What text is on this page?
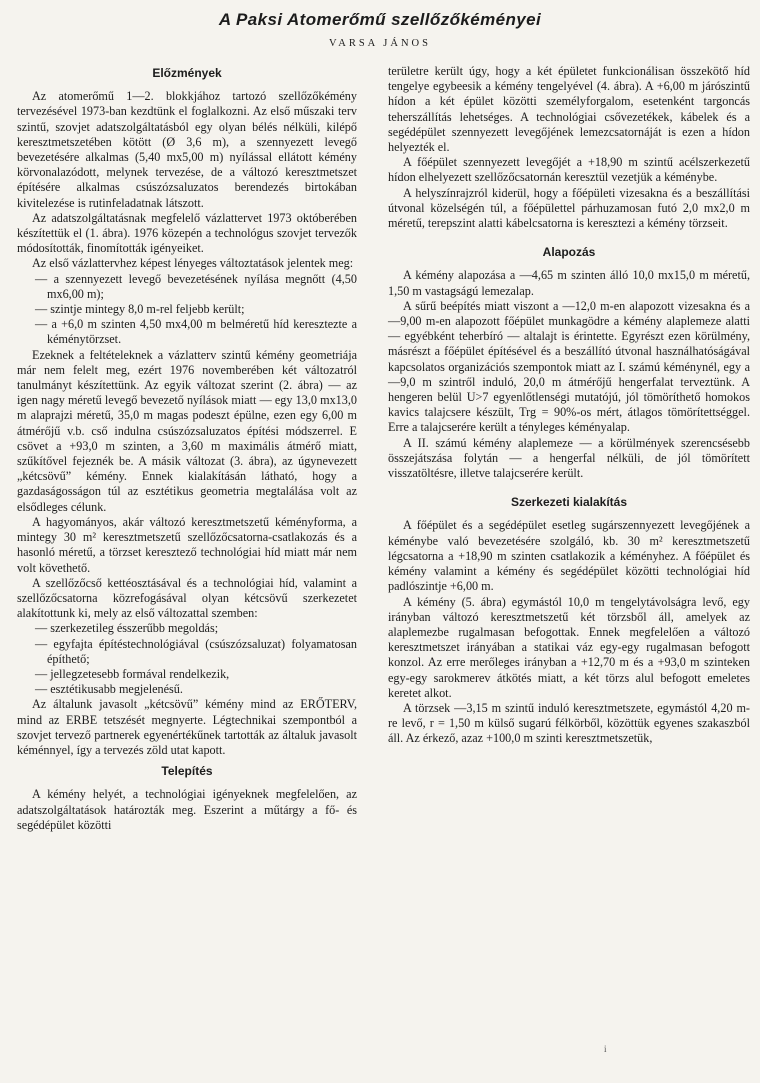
A Paksi Atomerőmű szellőzőkéményei
VARSA JÁNOS
Előzmények

Az atomerőmű 1—2. blokkjához tartozó szellőzőkémény tervezésével 1973-ban kezdtünk el foglalkozni. Az első műszaki terv szintű, szovjet adatszolgáltatásból egy olyan bélés nélküli, kilépő keresztmetszetében kötött (Ø 3,6 m), a szennyezett levegő bevezetésére alkalmas (5,40 mx5,00 m) nyílással ellátott kémény körvonalazódott, melynek tervezése, de a változó keresztmetszet építésére alkalmas csúszózsaluzatos berendezés birtokában kivitelezése is rutinfeladatnak látszott.

Az adatszolgáltatásnak megfelelő vázlattervet 1973 októberében készítettük el (1. ábra). 1976 közepén a technológus szovjet tervezők módosították, finomították igényeiket.

Az első vázlattervhez képest lényeges változtatások jelentek meg:

— a szennyezett levegő bevezetésének nyílása megnőtt (4,50 mx6,00 m);
— szintje mintegy 8,0 m-rel feljebb került;
— a +6,0 m szinten 4,50 mx4,00 m belméretű híd keresztezte a kéménytörzset.

Ezeknek a feltételeknek a vázlatterv szintű kémény geometriája már nem felelt meg, ezért 1976 novemberében két változatról tanulmányt készítettünk. Az egyik változat szerint (2. ábra) — az igen nagy méretű levegő bevezető nyílások miatt — egy 13,0 mx13,0 m alaprajzi méretű, 35,0 m magas podeszt épülne, ezen egy 6,00 m átmérőjű v.b. cső indulna csúszózsaluzatos építési módszerrel. E csövet a +93,0 m szinten, a 3,60 m maximális átmérő miatt, szűkítővel fejeznék be. A másik változat (3. ábra), az úgynevezett „kétcsövű” kémény. Ennek kialakításán látható, hogy a gazdaságosságon túl az esztétikus geometria megtalálása volt az elsődleges célunk.

A hagyományos, akár változó keresztmetszetű kéményforma, a mintegy 30 m² keresztmetszetű szellőzőcsatorna-csatlakozás és a hasonló méretű, a törzset keresztező technológiai híd miatt már nem volt követhető.

A szellőzőcső kettéosztásával és a technológiai híd, valamint a szellőzőcsatorna közrefogásával olyan kétcsövű szerkezetet alakítottunk ki, mely az első változattal szemben:

— szerkezetileg ésszerűbb megoldás;
— egyfajta építéstechnológiával (csúszózsaluzat) folyamatosan építhető;
— jellegzetesebb formával rendelkezik,
— esztétikusabb megjelenésű.

Az általunk javasolt „kétcsövű” kémény mind az ERŐTERV, mind az ERBE tetszését megnyerte. Légtechnikai szempontból a szovjet tervező partnerek egyenértékűnek tartották az általuk javasolt kéménnyel, így a tervezés zöld utat kapott.

Telepítés

A kémény helyét, a technológiai igényeknek megfelelően, az adatszolgáltatások határozták meg. Eszerint a műtárgy a fő- és segédépület közötti

területre került úgy, hogy a két épületet funkcionálisan összekötő híd tengelye egybeesik a kémény tengelyével (4. ábra). A +6,00 m járószintű hídon a két épület közötti személyforgalom, esetenként targoncás teherszállítás lehetséges. A technológiai csővezetékek, kábelek és a segédépület szennyezett levegőjének lemezcsatornáját is ezen a hídon helyezték el.

A főépület szennyezett levegőjét a +18,90 m szintű acélszerkezetű hídon elhelyezett szellőzőcsatornán keresztül vezetjük a kéménybe.

A helyszínrajzról kiderül, hogy a főépületi vizesakna és a beszállítási útvonal közelségén túl, a főépülettel párhuzamosan futó 2,0 mx2,0 m méretű, terepszint alatti kábelcsatorna is keresztezi a kémény törzseit.

Alapozás

A kémény alapozása a —4,65 m szinten álló 10,0 mx15,0 m méretű, 1,50 m vastagságú lemezalap.

A sűrű beépítés miatt viszont a —12,0 m-en alapozott vizesakna és a —9,00 m-en alapozott főépület munkagödre a kémény alaplemeze alatti — egyébként teherbíró — altalajt is érintette. Egyrészt ezen körülmény, másrészt a főépület építésével és a beszállító útvonal használhatóságával kapcsolatos organizációs szempontok miatt az I. számú kéménynél, egy a —9,0 m szintről induló, 20,0 m átmérőjű hengerfalat terveztünk. A hengeren belül U>7 egyenlőtlenségi mutatójú, jól tömöríthető homokos kavics talajcsere készült, Trg = 90%-os mért, átlagos tömörítettséggel. Erre a talajcserére került a tényleges kéményalap.

A II. számú kémény alaplemeze — a körülmények szerencsésebb összejátszása folytán — a hengerfal nélküli, de jól tömörített visszatöltésre, illetve talajcserére került.

Szerkezeti kialakítás

A főépület és a segédépület esetleg sugárszennyezett levegőjének a kéménybe való bevezetésére szolgáló, kb. 30 m² keresztmetszetű légcsatorna a +18,90 m szinten csatlakozik a kéményhez. A főépület és kémény valamint a kémény és segédépület közötti technológiai híd padlószintje +6,00 m.

A kémény (5. ábra) egymástól 10,0 m tengelytávolságra levő, egy irányban változó keresztmetszetű két törzsből áll, amelyek az alaplemezbe rugalmasan befogottak. Ennek megfelelően a változó keresztmetszet irányában a statikai váz egy-egy rugalmasan befogott konzol. Az erre merőleges irányban a +12,70 m és a +93,0 m szinteken egy-egy sarokmerev átkötés miatt, a két törzs alul befogott emeletes keretet alkot.

A törzsek —3,15 m szintű induló keresztmetszete, egymástól 4,20 m-re levő, r = 1,50 m külső sugarú félkörből, közöttük egyenes szakaszból áll. Az érkező, azaz +100,0 m szinti keresztmetszetük,

i
